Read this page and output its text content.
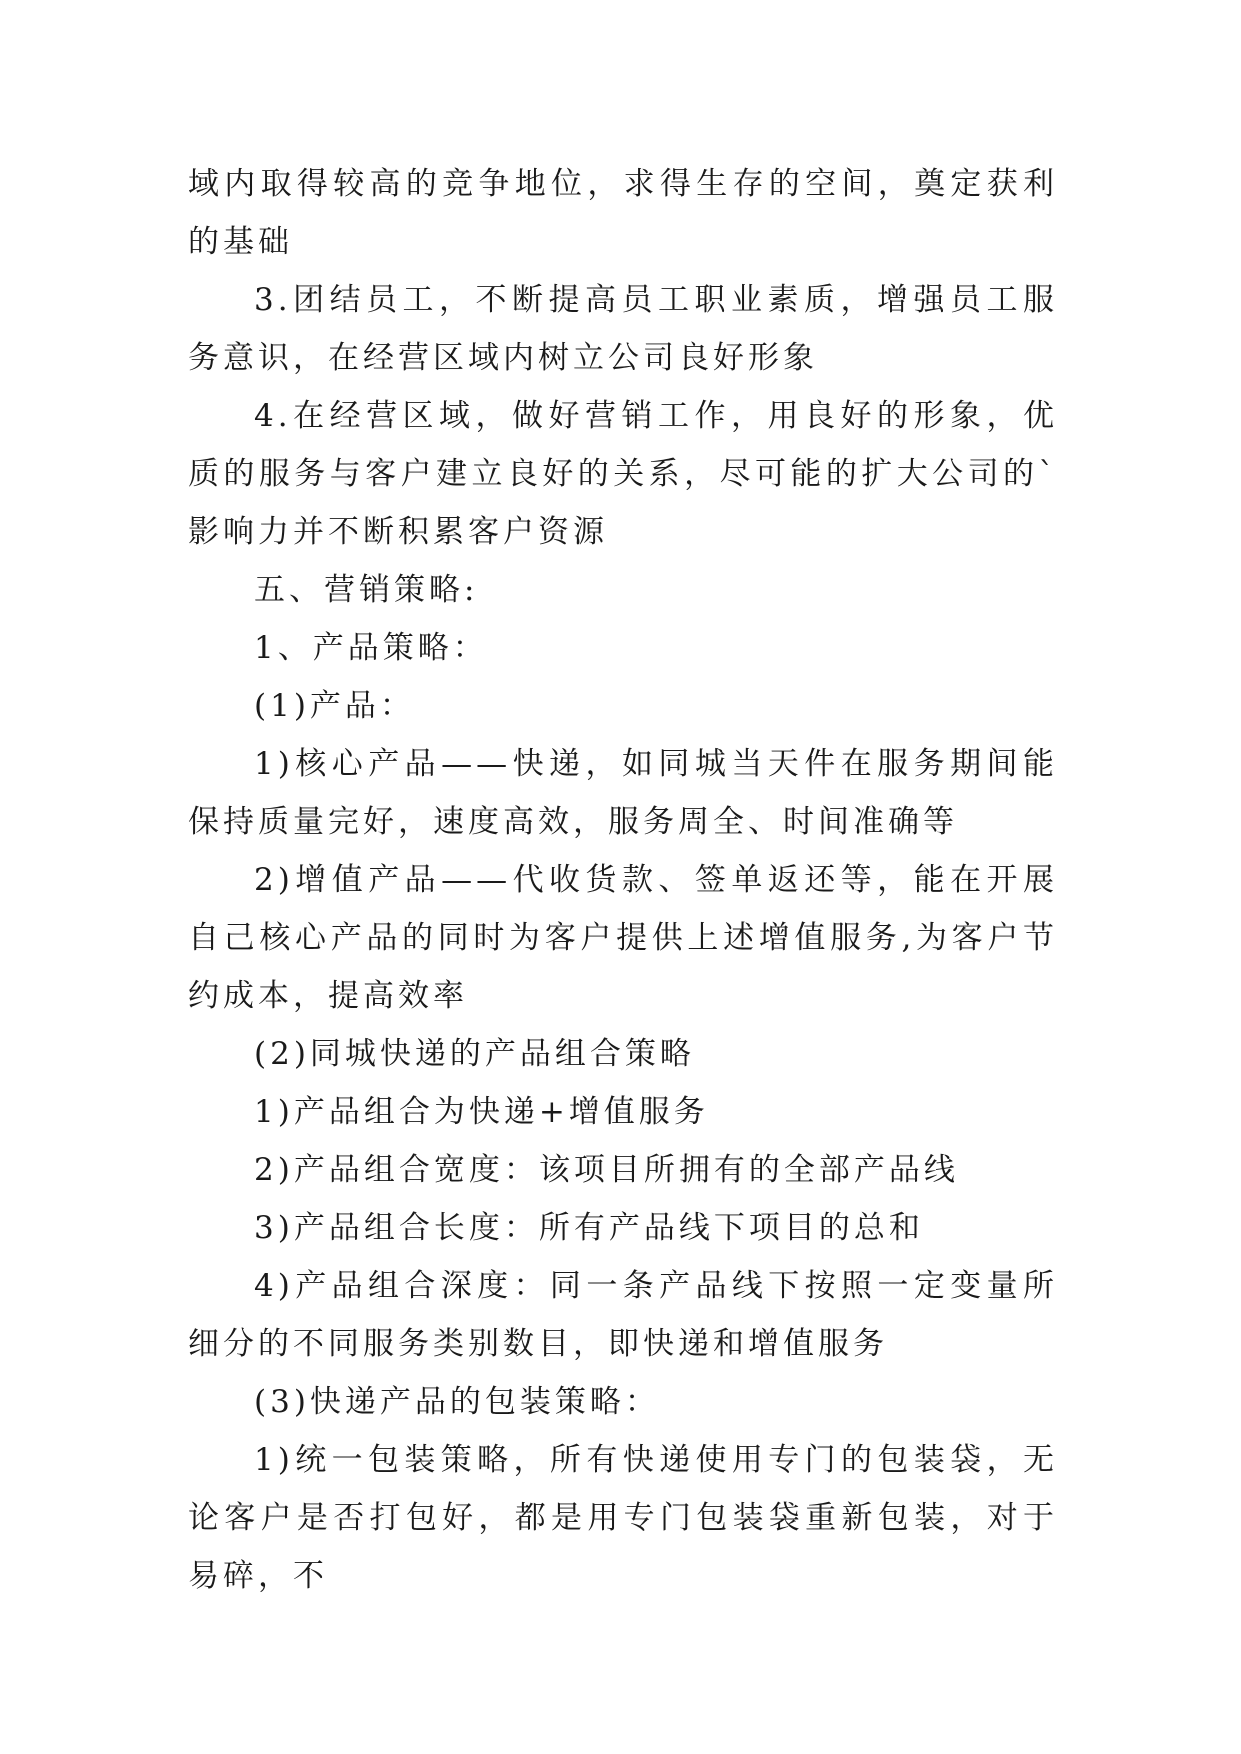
域内取得较高的竞争地位，求得生存的空间，奠定获利的基础

3.团结员工，不断提高员工职业素质，增强员工服务意识，在经营区域内树立公司良好形象

4.在经营区域，做好营销工作，用良好的形象，优质的服务与客户建立良好的关系，尽可能的扩大公司的`影响力并不断积累客户资源

五、营销策略:

1、产品策略：

(1)产品：

1)核心产品——快递，如同城当天件在服务期间能保持质量完好，速度高效，服务周全、时间准确等

2)增值产品——代收货款、签单返还等，能在开展自己核心产品的同时为客户提供上述增值服务,为客户节约成本，提高效率

(2)同城快递的产品组合策略

1)产品组合为快递+增值服务

2)产品组合宽度：该项目所拥有的全部产品线

3)产品组合长度：所有产品线下项目的总和

4)产品组合深度：同一条产品线下按照一定变量所细分的不同服务类别数目，即快递和增值服务

(3)快递产品的包装策略：

1)统一包装策略，所有快递使用专门的包装袋，无论客户是否打包好，都是用专门包装袋重新包装，对于易碎，不
